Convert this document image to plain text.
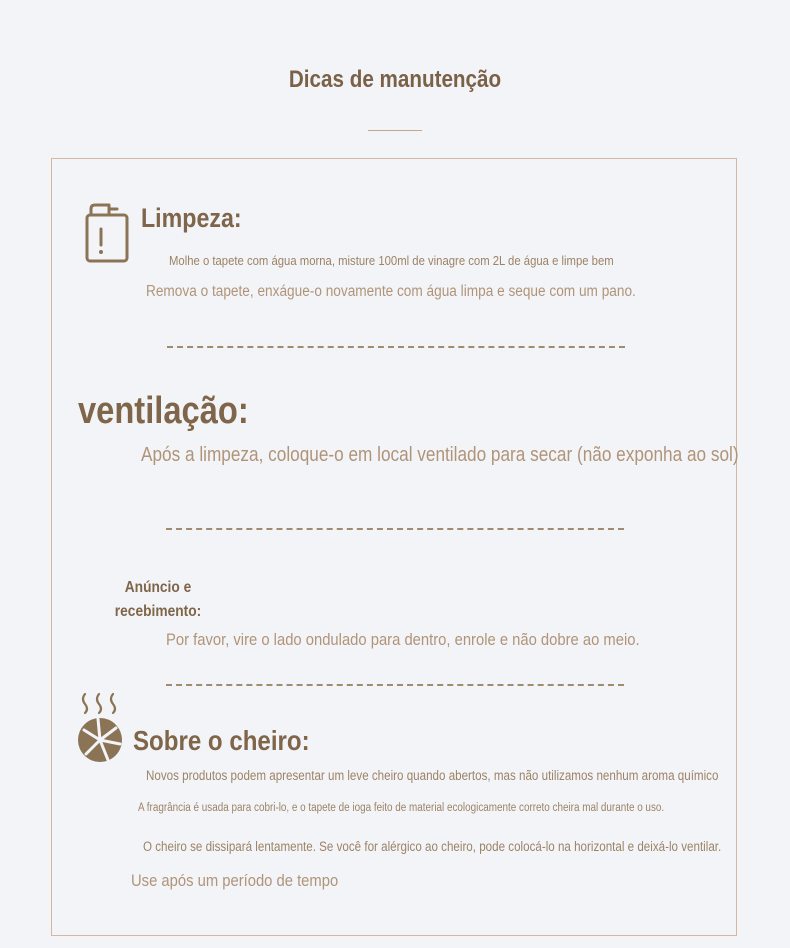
Dicas de manutenção
Limpeza:
Molhe o tapete com água morna, misture 100ml de vinagre com 2L de água e limpe bem
Remova o tapete, enxágue-o novamente com água limpa e seque com um pano.
ventilação:
Após a limpeza, coloque-o em local ventilado para secar (não exponha ao sol)
Anúncio e
recebimento:
Por favor, vire o lado ondulado para dentro, enrole e não dobre ao meio.
Sobre o cheiro:
Novos produtos podem apresentar um leve cheiro quando abertos, mas não utilizamos nenhum aroma químico
A fragrância é usada para cobri-lo, e o tapete de ioga feito de material ecologicamente correto cheira mal durante o uso.
O cheiro se dissipará lentamente. Se você for alérgico ao cheiro, pode colocá-lo na horizontal e deixá-lo ventilar.
Use após um período de tempo
